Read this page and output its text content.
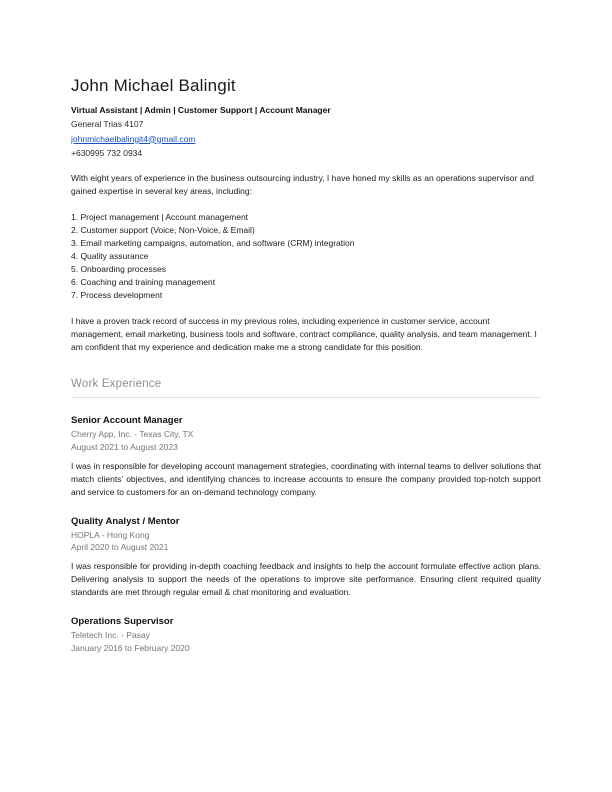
John Michael Balingit

Virtual Assistant | Admin | Customer Support | Account Manager

General Trias 4107

johnmichaelbalingit4@gmail.com

+630995 732 0934

With eight years of experience in the business outsourcing industry, I have honed my skills as an operations supervisor and gained expertise in several key areas, including:

1. Project management | Account management
2. Customer support (Voice, Non-Voice, & Email)
3. Email marketing campaigns, automation, and software (CRM) integration
4. Quality assurance
5. Onboarding processes
6. Coaching and training management
7. Process development

I have a proven track record of success in my previous roles, including experience in customer service, account management, email marketing, business tools and software, contract compliance, quality analysis, and team management. I am confident that my experience and dedication make me a strong candidate for this position.

Work Experience
Senior Account Manager

Cherry App, Inc. - Texas City, TX

August 2021 to August 2023

I was in responsible for developing account management strategies, coordinating with internal teams to deliver solutions that match clients’ objectives, and identifying chances to increase accounts to ensure the company provided top-notch support and service to customers for an on-demand technology company.

Quality Analyst / Mentor

HOPLA - Hong Kong

April 2020 to August 2021

I was responsible for providing in-depth coaching feedback and insights to help the account formulate effective action plans. Delivering analysis to support the needs of the operations to improve site performance. Ensuring client required quality standards are met through regular email & chat monitoring and evaluation.

Operations Supervisor

Teletech Inc. - Pasay

January 2016 to February 2020
